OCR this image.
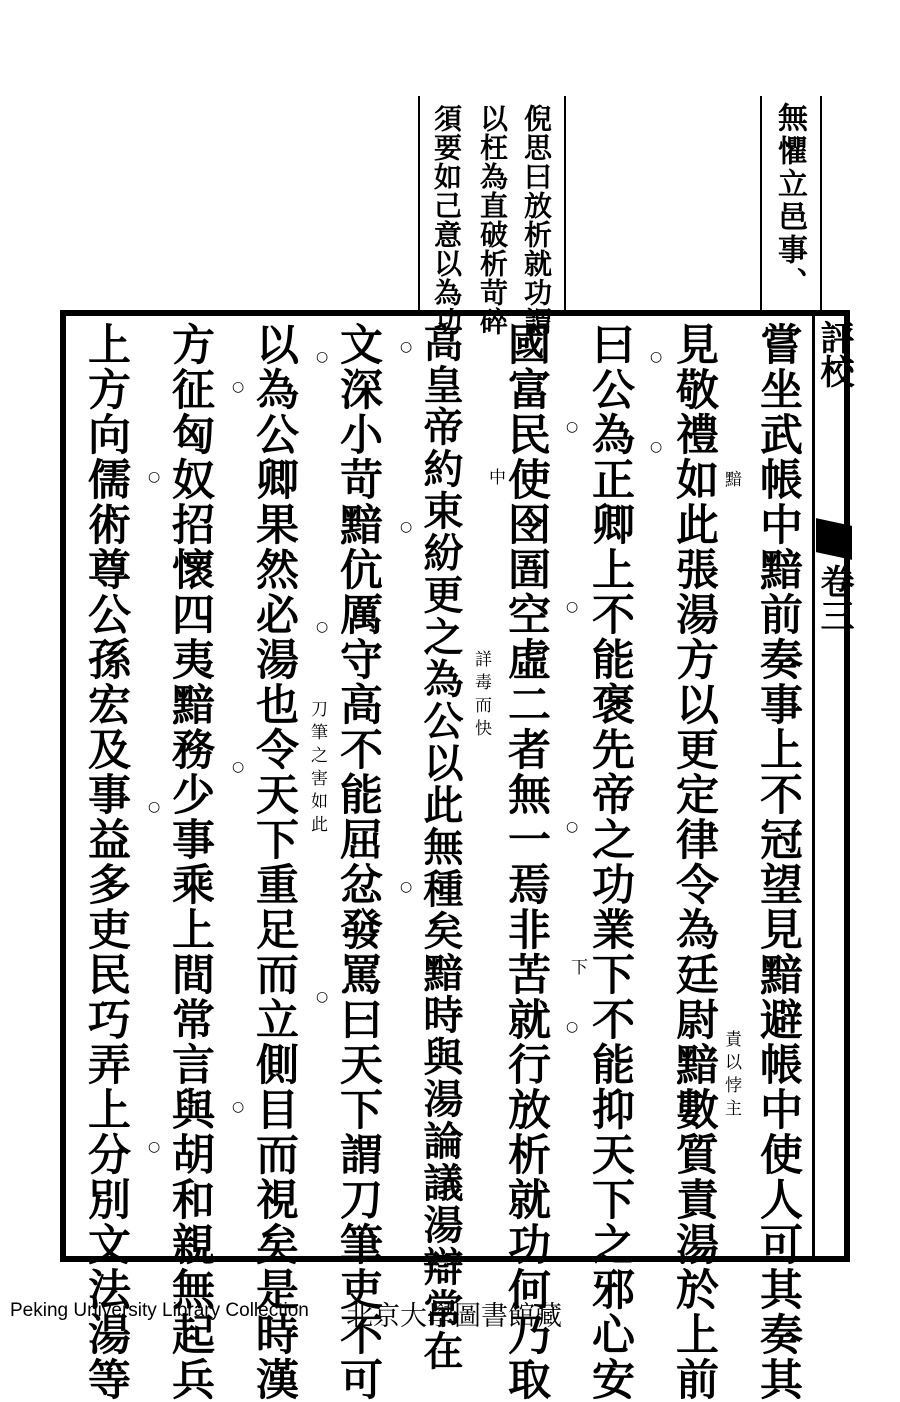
無懼立邑事、
倪思曰放析就功謂
以枉為直破析苛碎
須要如己意以為功
評校
卷三
嘗坐武帳中黯前奏事上不冠望見黯避帳中使人可其奏其
見敬禮如此張湯方以更定律令為廷尉黯數質責湯於上前
曰公為正卿上不能褒先帝之功業下不能抑天下之邪心安
國富民使囹圄空虛二者無一焉非苦就行放析就功何乃取
高皇帝約束紛更之為公以此無種矣黯時與湯論議湯辯常在
文深小苛黯伉厲守高不能屈忿發罵曰天下謂刀筆吏不可
以為公卿果然必湯也令天下重足而立側目而視矣是時漢
方征匈奴招懷四夷黯務少事乘上間常言與胡和親無起兵
上方向儒術尊公孫宏及事益多吏民巧弄上分別文法湯等	黯
責以悖主
中
詳毒而快
下
刀筆之害如此
○
○
○
○
○
○
○
○
○
○
○
○
○
○
○
○
○
○
Peking University Library Collection 北京大學圖書館藏
